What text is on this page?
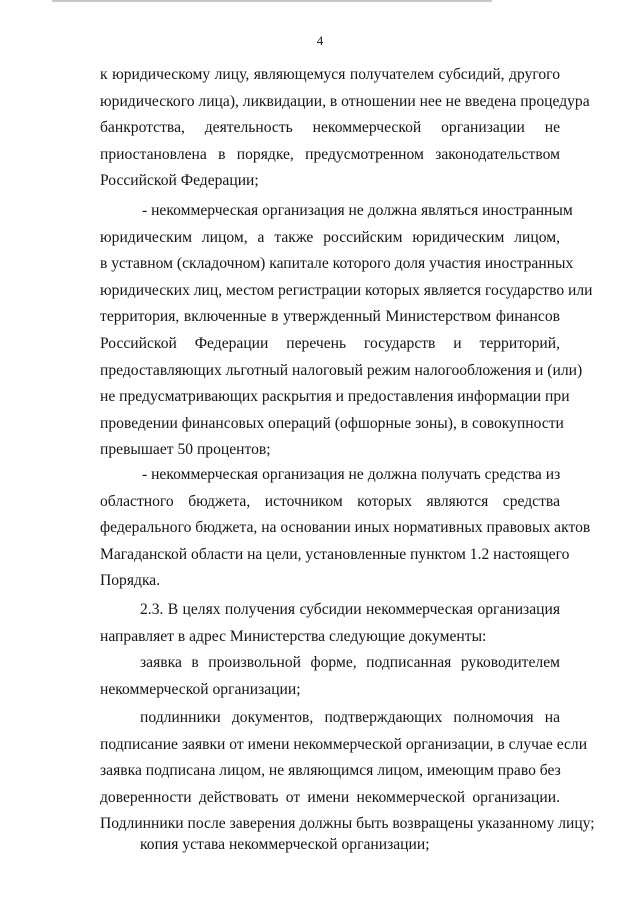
4
к юридическому лицу, являющемуся получателем субсидий, другого
юридического лица), ликвидации, в отношении нее не введена процедура
банкротства, деятельность некоммерческой организации не
приостановлена в порядке, предусмотренном законодательством
Российской Федерации;
- некоммерческая организация не должна являться иностранным
юридическим лицом, а также российским юридическим лицом,
в уставном (складочном) капитале которого доля участия иностранных
юридических лиц, местом регистрации которых является государство или
территория, включенные в утвержденный Министерством финансов
Российской Федерации перечень государств и территорий,
предоставляющих льготный налоговый режим налогообложения и (или)
не предусматривающих раскрытия и предоставления информации при
проведении финансовых операций (офшорные зоны), в совокупности
превышает 50 процентов;
- некоммерческая организация не должна получать средства из
областного бюджета, источником которых являются средства
федерального бюджета, на основании иных нормативных правовых актов
Магаданской области на цели, установленные пунктом 1.2 настоящего
Порядка.
2.3. В целях получения субсидии некоммерческая организация
направляет в адрес Министерства следующие документы:
заявка в произвольной форме, подписанная руководителем
некоммерческой организации;
подлинники документов, подтверждающих полномочия на
подписание заявки от имени некоммерческой организации, в случае если
заявка подписана лицом, не являющимся лицом, имеющим право без
доверенности действовать от имени некоммерческой организации.
Подлинники после заверения должны быть возвращены указанному лицу;
копия устава некоммерческой организации;
